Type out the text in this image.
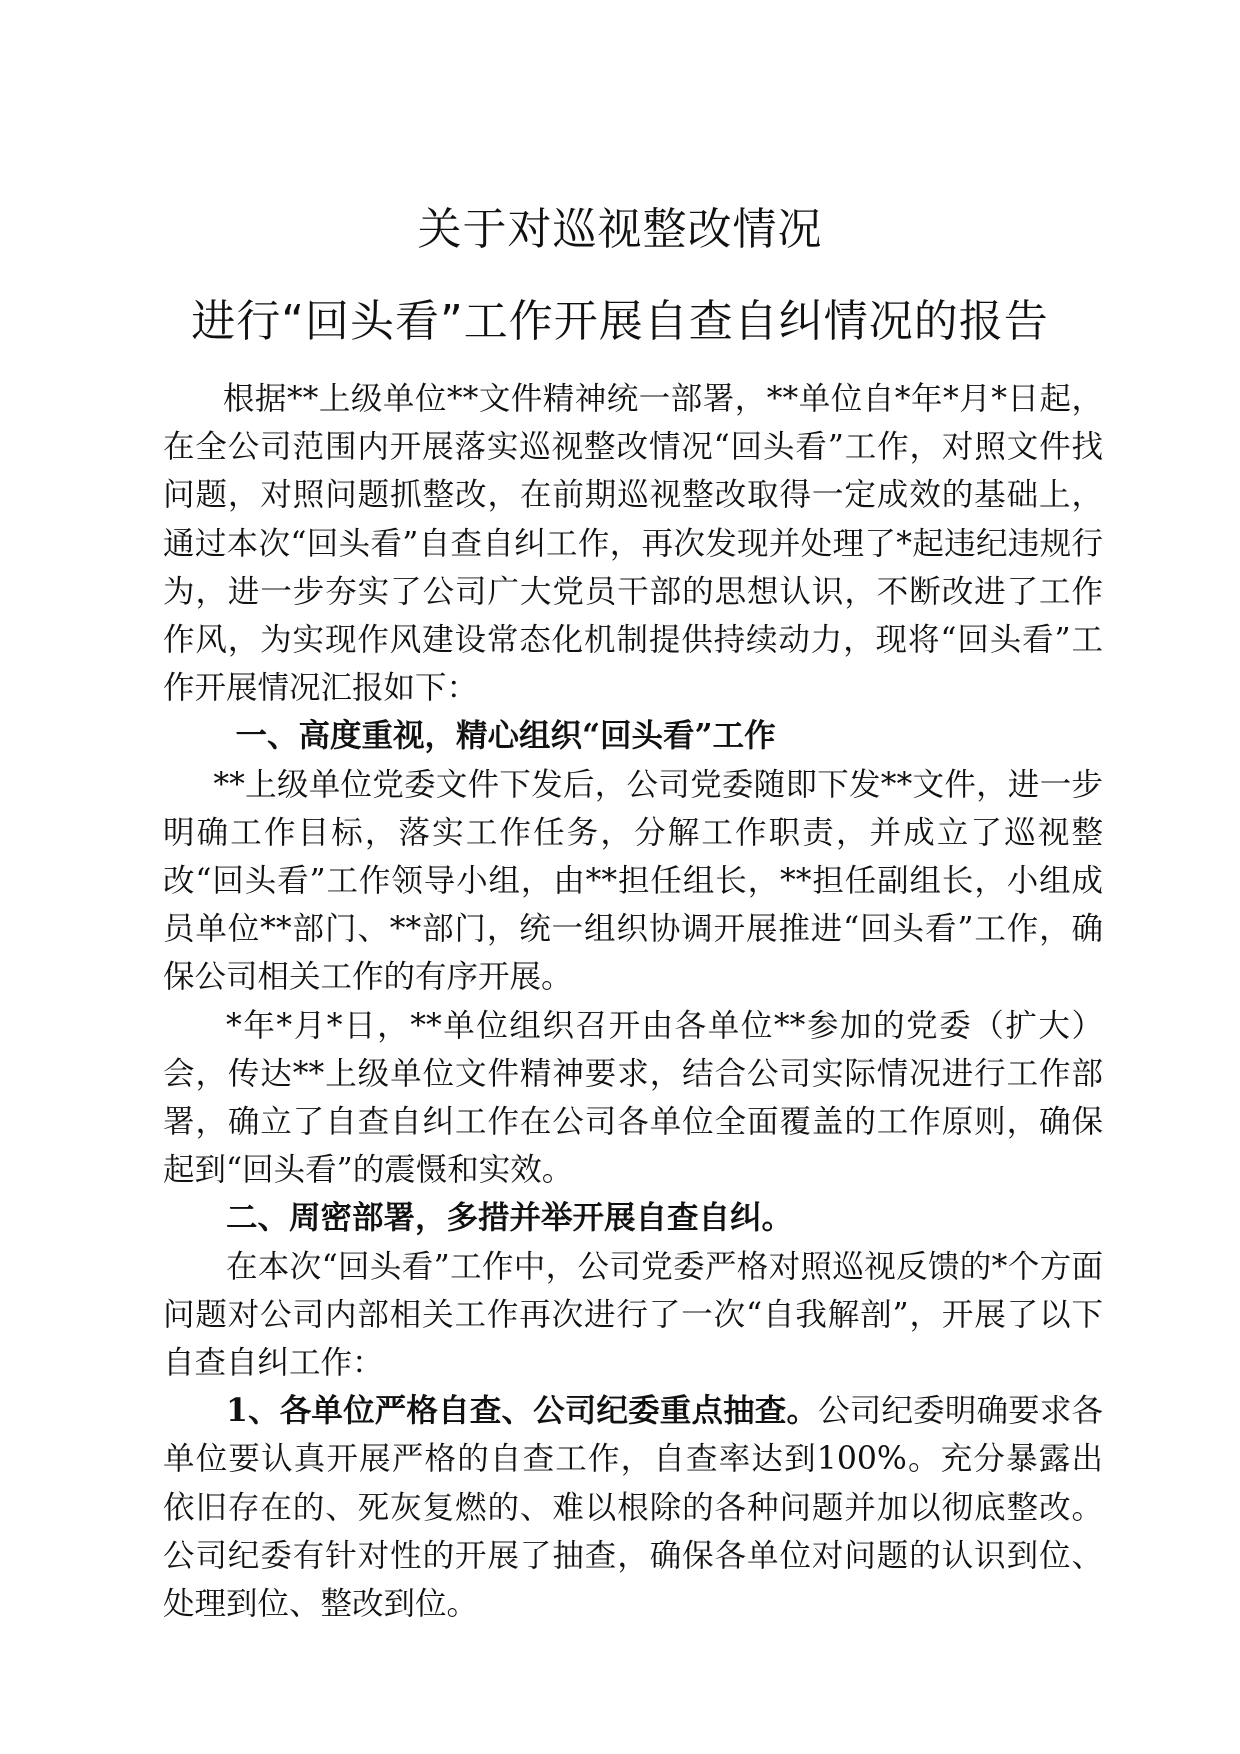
关于对巡视整改情况
进行“回头看”工作开展自查自纠情况的报告

根据**上级单位**文件精神统一部署，**单位自*年*月*日起，在全公司范围内开展落实巡视整改情况“回头看”工作，对照文件找问题，对照问题抓整改，在前期巡视整改取得一定成效的基础上，通过本次“回头看”自查自纠工作，再次发现并处理了*起违纪违规行为，进一步夯实了公司广大党员干部的思想认识，不断改进了工作作风，为实现作风建设常态化机制提供持续动力，现将“回头看”工作开展情况汇报如下：

一、高度重视，精心组织“回头看”工作

**上级单位党委文件下发后，公司党委随即下发**文件，进一步明确工作目标，落实工作任务，分解工作职责，并成立了巡视整改“回头看”工作领导小组，由**担任组长，**担任副组长，小组成员单位**部门、**部门，统一组织协调开展推进“回头看”工作，确保公司相关工作的有序开展。

*年*月*日，**单位组织召开由各单位**参加的党委（扩大）会，传达**上级单位文件精神要求，结合公司实际情况进行工作部署，确立了自查自纠工作在公司各单位全面覆盖的工作原则，确保起到“回头看”的震慑和实效。

二、周密部署，多措并举开展自查自纠。

在本次“回头看”工作中，公司党委严格对照巡视反馈的*个方面问题对公司内部相关工作再次进行了一次“自我解剖”，开展了以下自查自纠工作：

1、各单位严格自查、公司纪委重点抽查。公司纪委明确要求各单位要认真开展严格的自查工作，自查率达到100%。充分暴露出依旧存在的、死灰复燃的、难以根除的各种问题并加以彻底整改。公司纪委有针对性的开展了抽查，确保各单位对问题的认识到位、处理到位、整改到位。
